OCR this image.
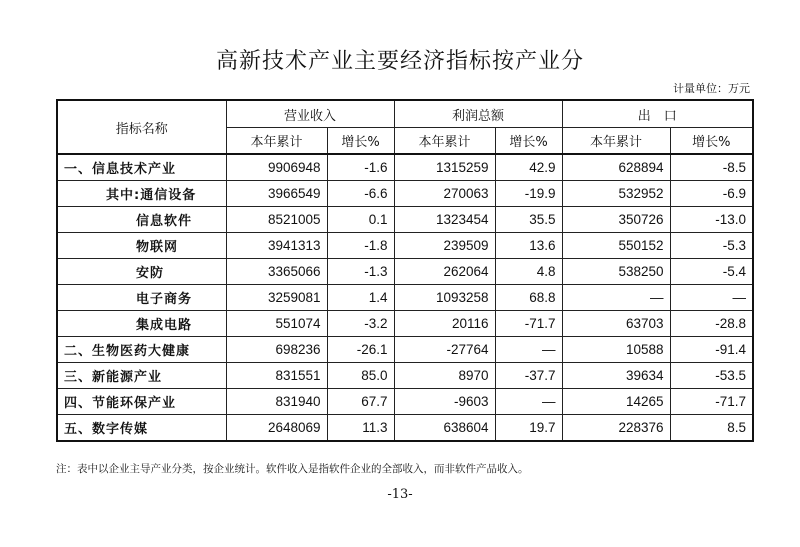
高新技术产业主要经济指标按产业分
计量单位：万元
指标名称	营业收入		利润总额		出　口	
	本年累计	增长%	本年累计	增长%	本年累计	增长%
一、信息技术产业	9906948	-1.6	1315259	42.9	628894	-8.5
其中:通信设备	3966549	-6.6	270063	-19.9	532952	-6.9
信息软件	8521005	0.1	1323454	35.5	350726	-13.0
物联网	3941313	-1.8	239509	13.6	550152	-5.3
安防	3365066	-1.3	262064	4.8	538250	-5.4
电子商务	3259081	1.4	1093258	68.8	—	—
集成电路	551074	-3.2	20116	-71.7	63703	-28.8
二、生物医药大健康	698236	-26.1	-27764	—	10588	-91.4
三、新能源产业	831551	85.0	8970	-37.7	39634	-53.5
四、节能环保产业	831940	67.7	-9603	—	14265	-71.7
五、数字传媒	2648069	11.3	638604	19.7	228376	8.5
注：表中以企业主导产业分类，按企业统计。软件收入是指软件企业的全部收入，而非软件产品收入。
-13-
